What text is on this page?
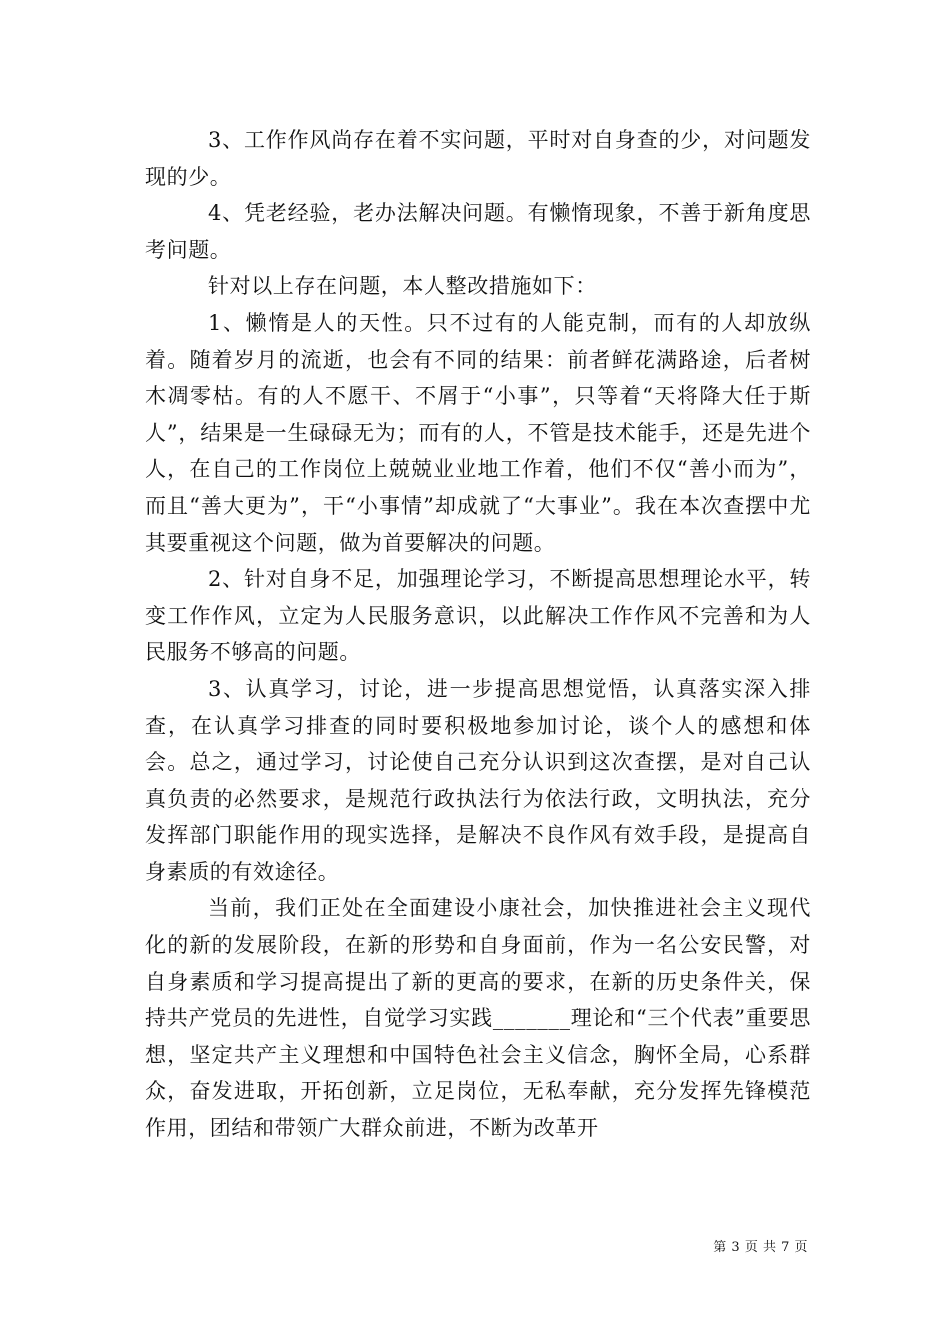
3、工作作风尚存在着不实问题，平时对自身查的少，对问题发现的少。

4、凭老经验，老办法解决问题。有懒惰现象，不善于新角度思考问题。

针对以上存在问题，本人整改措施如下：

1、懒惰是人的天性。只不过有的人能克制，而有的人却放纵着。随着岁月的流逝，也会有不同的结果：前者鲜花满路途，后者树木凋零枯。有的人不愿干、不屑于“小事”，只等着“天将降大任于斯人”，结果是一生碌碌无为；而有的人，不管是技术能手，还是先进个人，在自己的工作岗位上兢兢业业地工作着，他们不仅“善小而为”，而且“善大更为”，干“小事情”却成就了“大事业”。我在本次查摆中尤其要重视这个问题，做为首要解决的问题。

2、针对自身不足，加强理论学习，不断提高思想理论水平，转变工作作风，立定为人民服务意识，以此解决工作作风不完善和为人民服务不够高的问题。

3、认真学习，讨论，进一步提高思想觉悟，认真落实深入排查，在认真学习排查的同时要积极地参加讨论，谈个人的感想和体会。总之，通过学习，讨论使自己充分认识到这次查摆，是对自己认真负责的必然要求，是规范行政执法行为依法行政，文明执法，充分发挥部门职能作用的现实选择，是解决不良作风有效手段，是提高自身素质的有效途径。

当前，我们正处在全面建设小康社会，加快推进社会主义现代化的新的发展阶段，在新的形势和自身面前，作为一名公安民警，对自身素质和学习提高提出了新的更高的要求，在新的历史条件关，保持共产党员的先进性，自觉学习实践_______理论和“三个代表”重要思想，坚定共产主义理想和中国特色社会主义信念，胸怀全局，心系群众，奋发进取，开拓创新，立足岗位，无私奉献，充分发挥先锋模范作用，团结和带领广大群众前进，不断为改革开

第 3 页 共 7 页
